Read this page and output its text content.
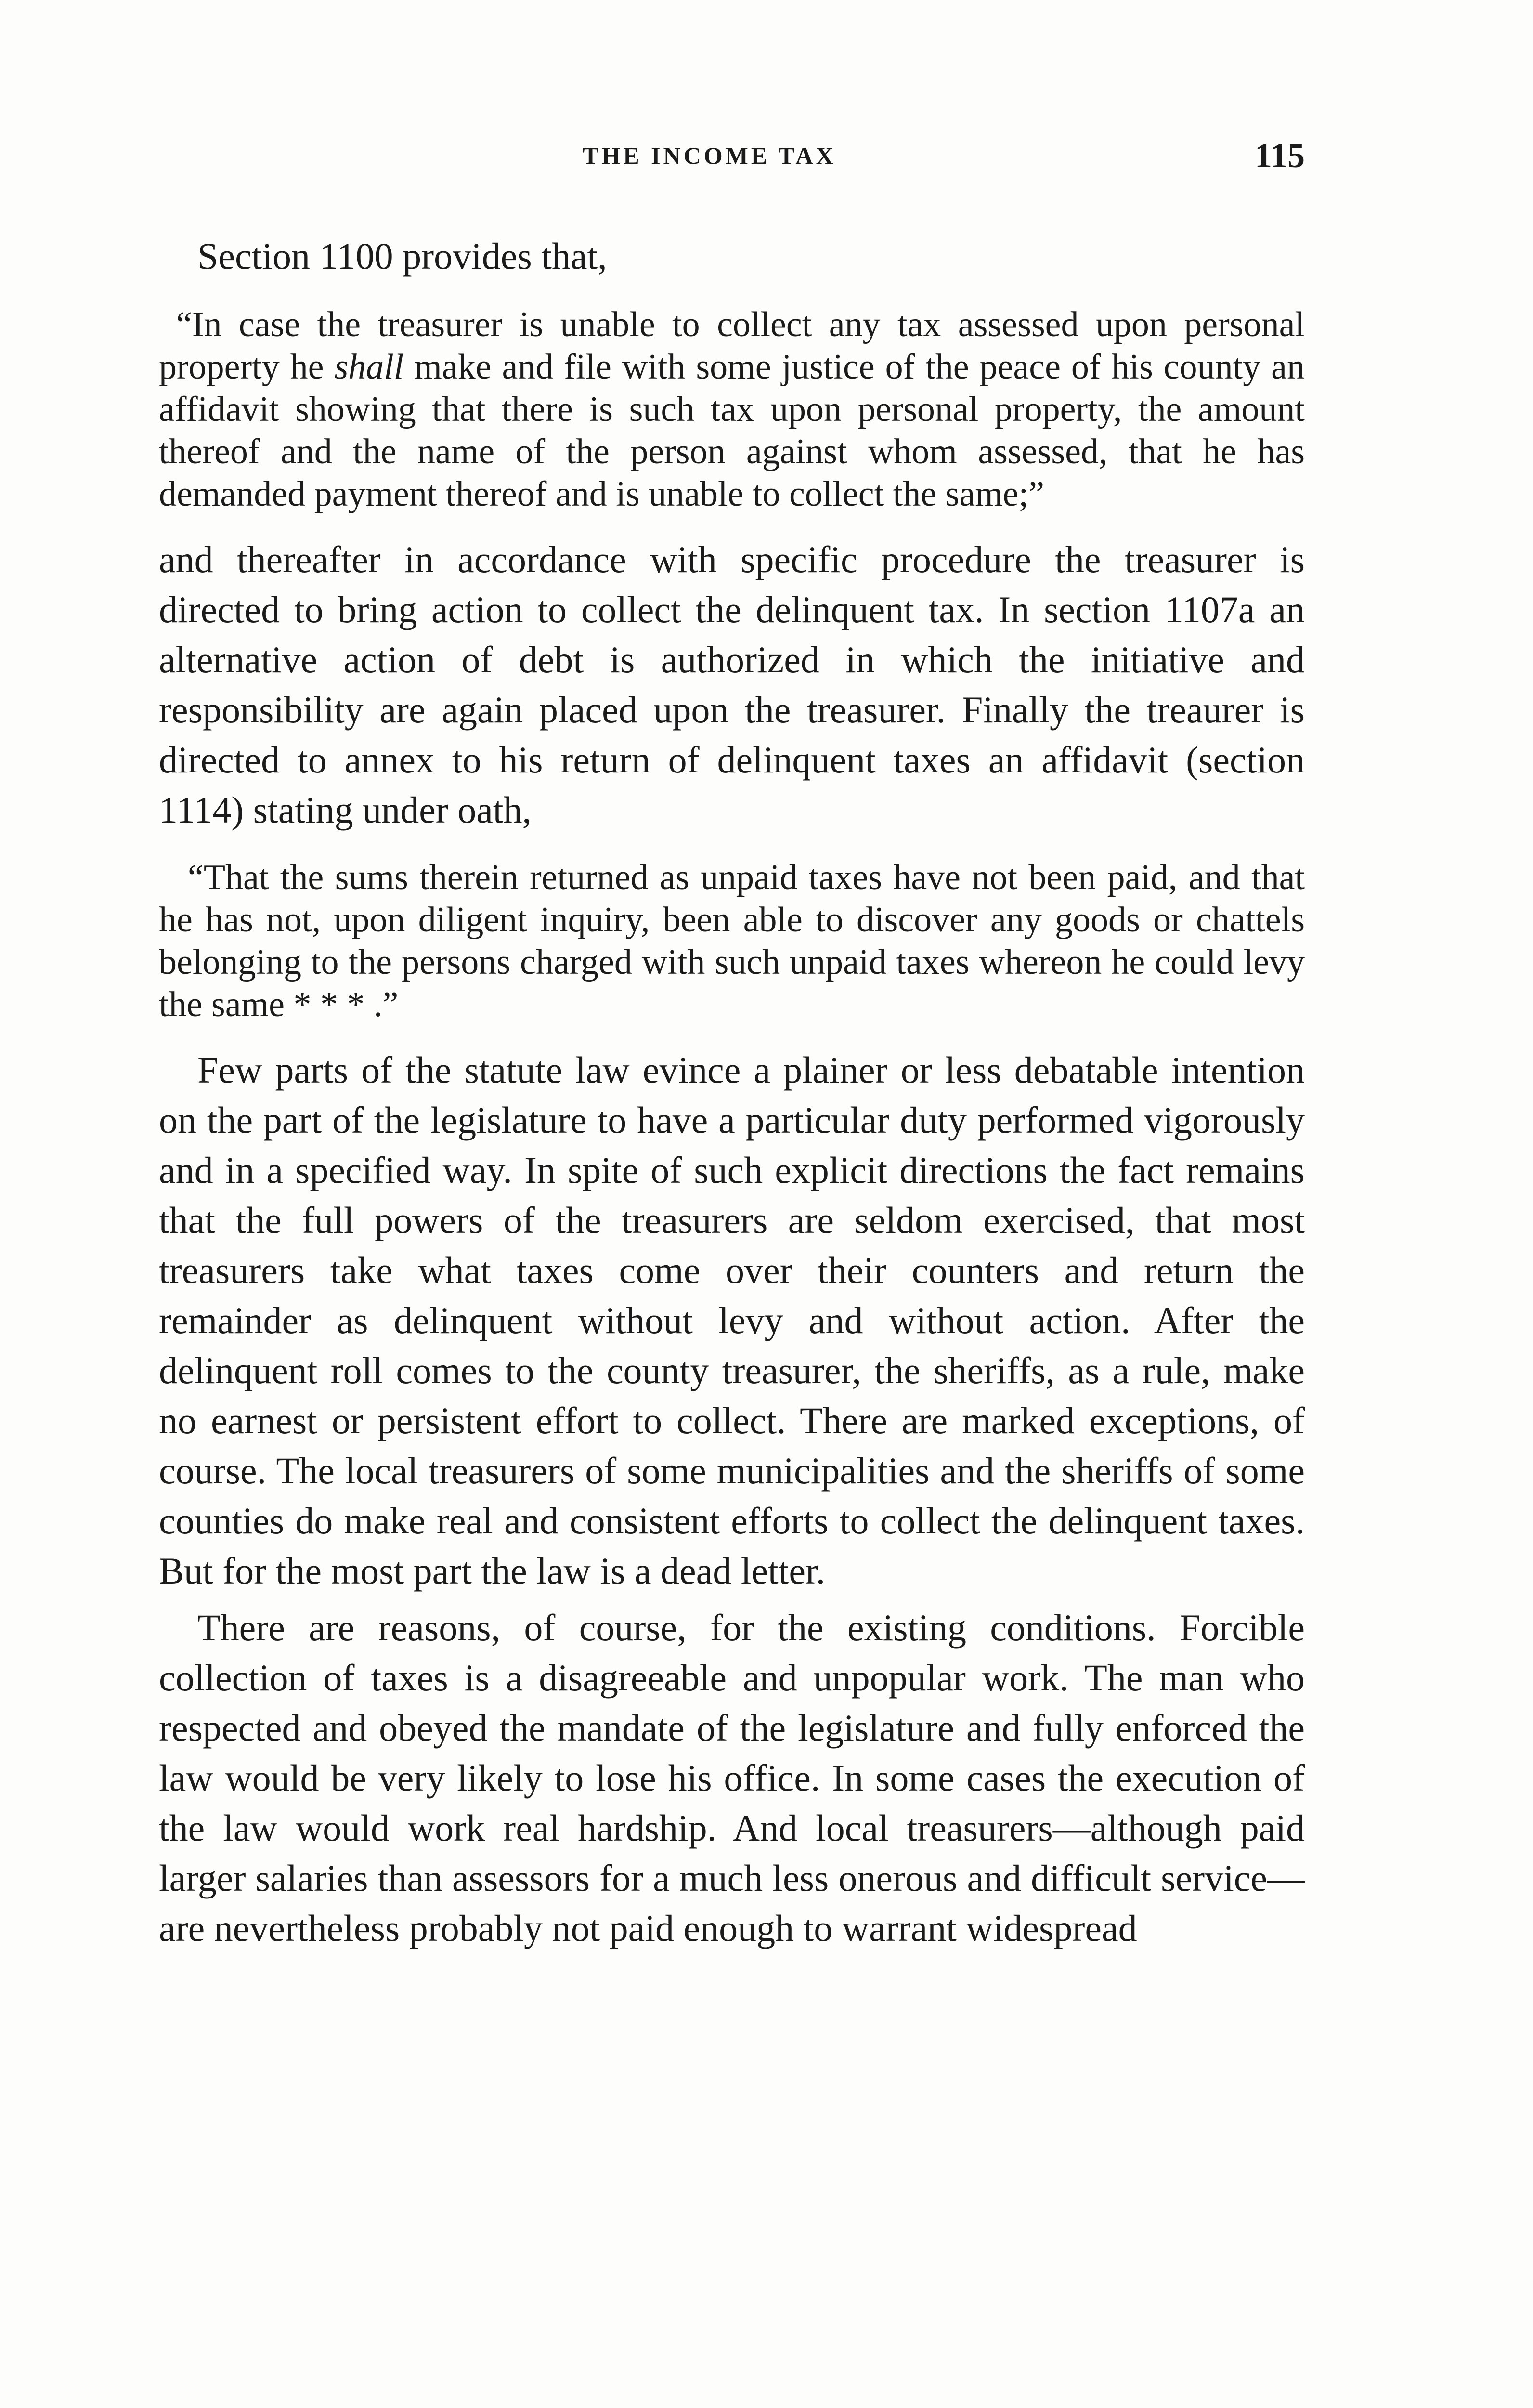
THE INCOME TAX	115

Section 1100 provides that,

“In case the treasurer is unable to collect any tax assessed upon personal property he shall make and file with some justice of the peace of his county an affidavit showing that there is such tax upon personal property, the amount thereof and the name of the person against whom assessed, that he has demanded payment thereof and is unable to collect the same;”

and thereafter in accordance with specific procedure the treasurer is directed to bring action to collect the delinquent tax. In section 1107a an alternative action of debt is authorized in which the initiative and responsibility are again placed upon the treasurer. Finally the treaurer is directed to annex to his return of delinquent taxes an affidavit (section 1114) stating under oath,

“That the sums therein returned as unpaid taxes have not been paid, and that he has not, upon diligent inquiry, been able to discover any goods or chattels belonging to the persons charged with such unpaid taxes whereon he could levy the same * * * .”

Few parts of the statute law evince a plainer or less debatable intention on the part of the legislature to have a particular duty performed vigorously and in a specified way. In spite of such explicit directions the fact remains that the full powers of the treasurers are seldom exercised, that most treasurers take what taxes come over their counters and return the remainder as delinquent without levy and without action. After the delinquent roll comes to the county treasurer, the sheriffs, as a rule, make no earnest or persistent effort to collect. There are marked exceptions, of course. The local treasurers of some municipalities and the sheriffs of some counties do make real and consistent efforts to collect the delinquent taxes. But for the most part the law is a dead letter.

There are reasons, of course, for the existing conditions. Forcible collection of taxes is a disagreeable and unpopular work. The man who respected and obeyed the mandate of the legislature and fully enforced the law would be very likely to lose his office. In some cases the execution of the law would work real hardship. And local treasurers—although paid larger salaries than assessors for a much less onerous and difficult service—are nevertheless probably not paid enough to warrant widespread
